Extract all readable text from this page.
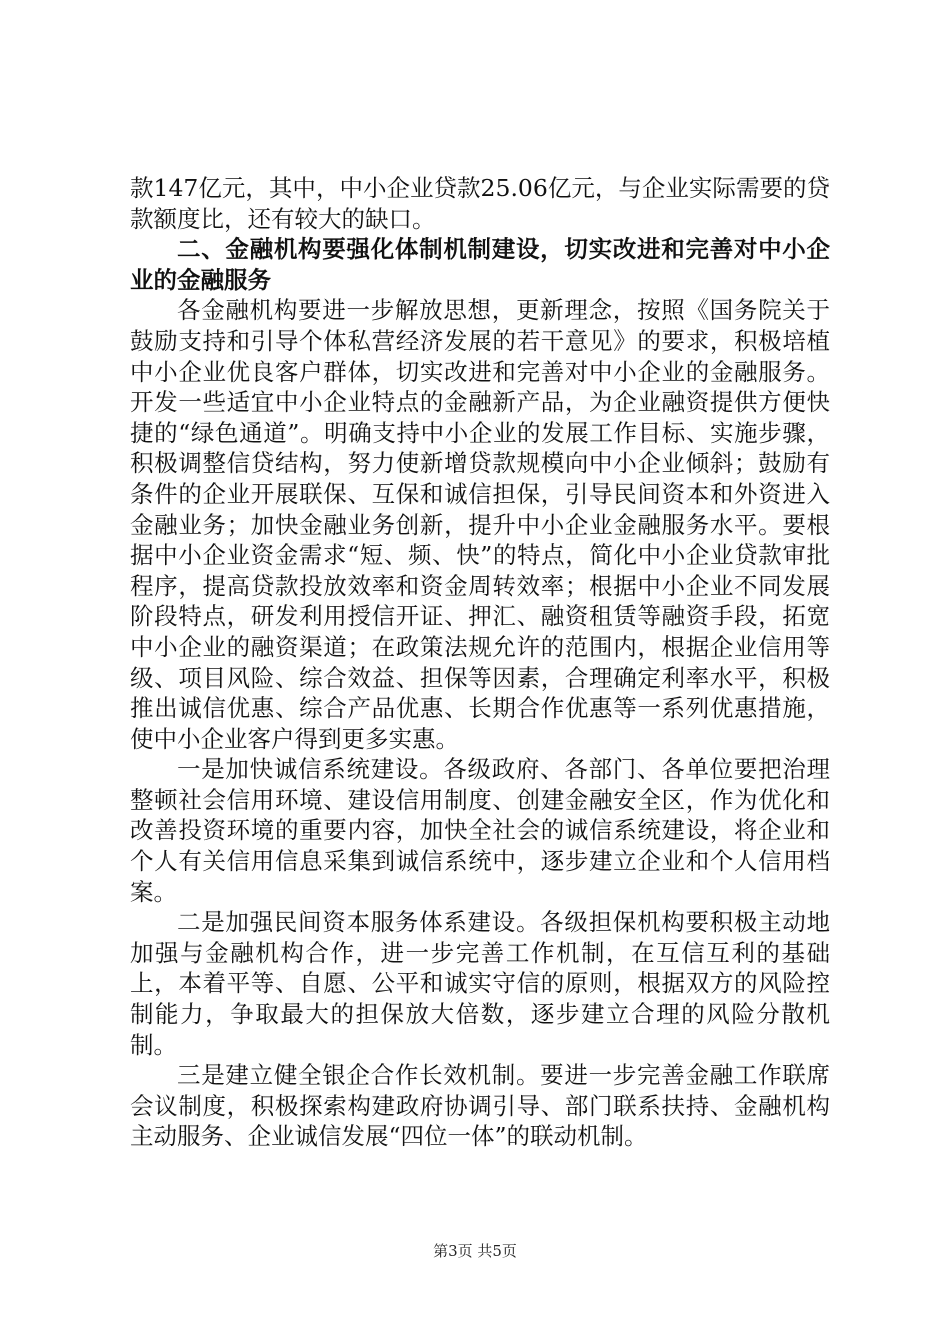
款147亿元，其中，中小企业贷款25.06亿元，与企业实际需要的贷款额度比，还有较大的缺口。

二、金融机构要强化体制机制建设，切实改进和完善对中小企业的金融服务

各金融机构要进一步解放思想，更新理念，按照《国务院关于鼓励支持和引导个体私营经济发展的若干意见》的要求，积极培植中小企业优良客户群体，切实改进和完善对中小企业的金融服务。开发一些适宜中小企业特点的金融新产品，为企业融资提供方便快捷的“绿色通道”。明确支持中小企业的发展工作目标、实施步骤，积极调整信贷结构，努力使新增贷款规模向中小企业倾斜；鼓励有条件的企业开展联保、互保和诚信担保，引导民间资本和外资进入金融业务；加快金融业务创新，提升中小企业金融服务水平。要根据中小企业资金需求“短、频、快”的特点，简化中小企业贷款审批程序，提高贷款投放效率和资金周转效率；根据中小企业不同发展阶段特点，研发利用授信开证、押汇、融资租赁等融资手段，拓宽中小企业的融资渠道；在政策法规允许的范围内，根据企业信用等级、项目风险、综合效益、担保等因素，合理确定利率水平，积极推出诚信优惠、综合产品优惠、长期合作优惠等一系列优惠措施，使中小企业客户得到更多实惠。

一是加快诚信系统建设。各级政府、各部门、各单位要把治理整顿社会信用环境、建设信用制度、创建金融安全区，作为优化和改善投资环境的重要内容，加快全社会的诚信系统建设，将企业和个人有关信用信息采集到诚信系统中，逐步建立企业和个人信用档案。

二是加强民间资本服务体系建设。各级担保机构要积极主动地加强与金融机构合作，进一步完善工作机制，在互信互利的基础上，本着平等、自愿、公平和诚实守信的原则，根据双方的风险控制能力，争取最大的担保放大倍数，逐步建立合理的风险分散机制。

三是建立健全银企合作长效机制。要进一步完善金融工作联席会议制度，积极探索构建政府协调引导、部门联系扶持、金融机构主动服务、企业诚信发展“四位一体”的联动机制。

第3页 共5页
